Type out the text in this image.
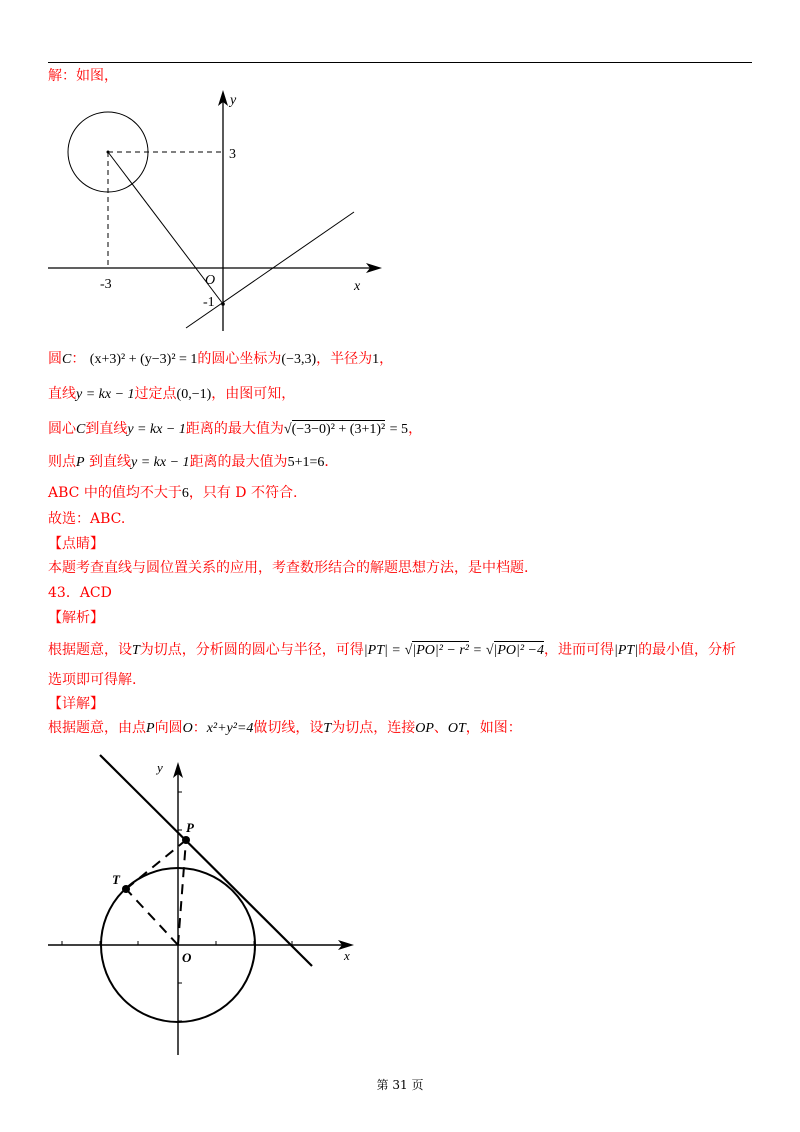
解：如图，
y
x
O
3
-3
-1
圆C： (x+3)² + (y−3)² = 1的圆心坐标为(−3,3)，半径为1，
直线y = kx − 1过定点(0,−1)，由图可知，
圆心C到直线y = kx − 1距离的最大值为√(−3−0)² + (3+1)² = 5，
则点P 到直线y = kx − 1距离的最大值为5+1=6．
ABC 中的值均不大于6，只有 D 不符合.
故选：ABC.
【点睛】
本题考查直线与圆位置关系的应用，考查数形结合的解题思想方法，是中档题.
43．ACD
【解析】
根据题意，设T为切点，分析圆的圆心与半径，可得|PT| = √|PO|² − r² = √|PO|² −4，进而可得|PT|的最小值，分析
选项即可得解.
【详解】
根据题意，由点P向圆O：x²+y²=4做切线，设T为切点，连接OP、OT，如图：
y
x
O
P
T
第 31 页
